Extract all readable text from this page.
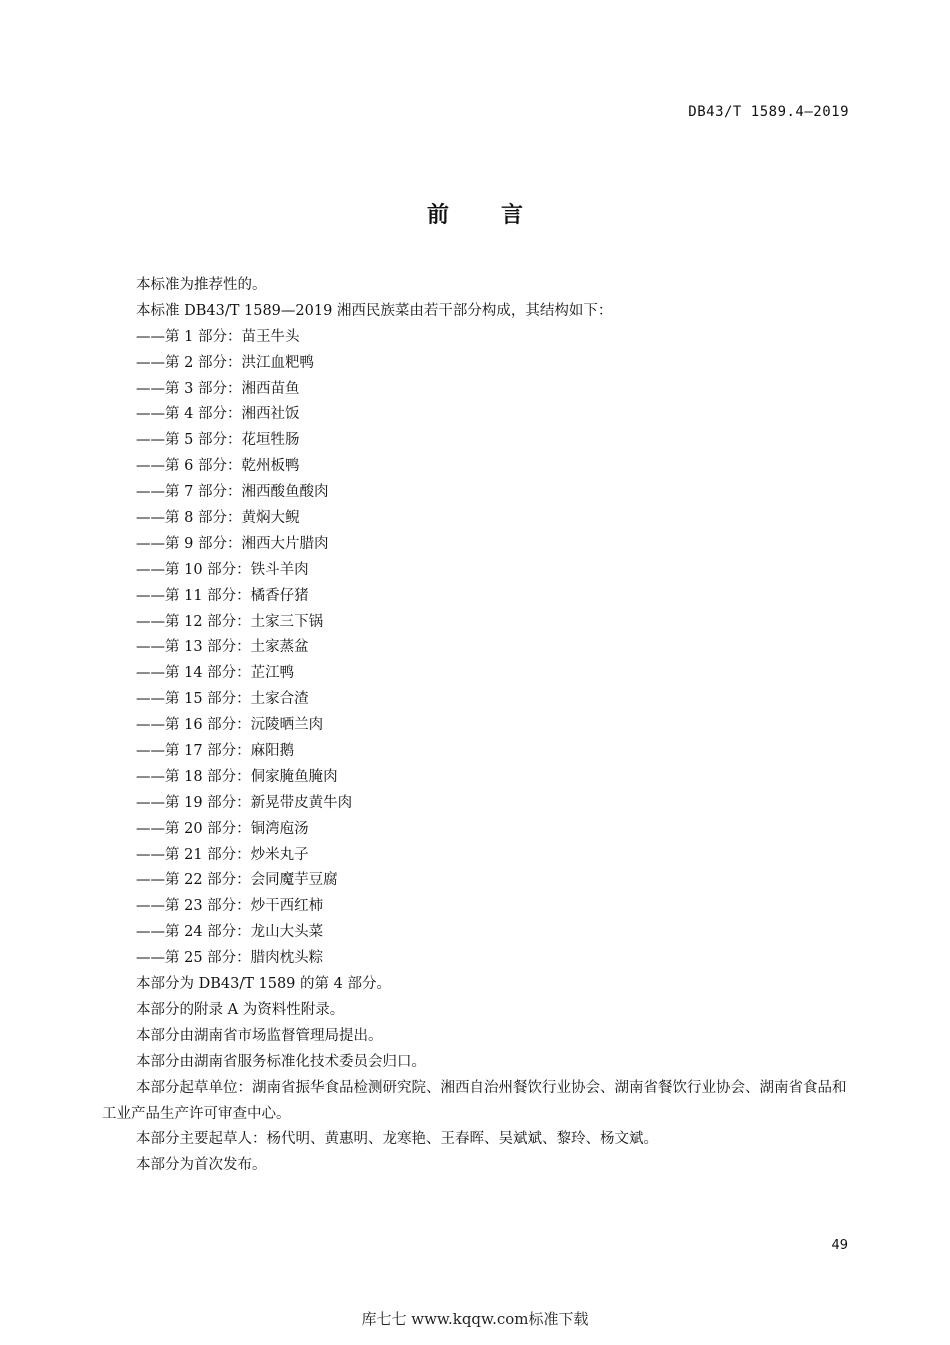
DB43/T 1589.4—2019
前 言
本标准为推荐性的。
本标准 DB43/T 1589—2019 湘西民族菜由若干部分构成，其结构如下：
——第 1 部分：苗王牛头
——第 2 部分：洪江血粑鸭
——第 3 部分：湘西苗鱼
——第 4 部分：湘西社饭
——第 5 部分：花垣牲肠
——第 6 部分：乾州板鸭
——第 7 部分：湘西酸鱼酸肉
——第 8 部分：黄焖大鲵
——第 9 部分：湘西大片腊肉
——第 10 部分：铁斗羊肉
——第 11 部分：橘香仔猪
——第 12 部分：土家三下锅
——第 13 部分：土家蒸盆
——第 14 部分：芷江鸭
——第 15 部分：土家合渣
——第 16 部分：沅陵晒兰肉
——第 17 部分：麻阳鹅
——第 18 部分：侗家腌鱼腌肉
——第 19 部分：新晃带皮黄牛肉
——第 20 部分：铜湾庖汤
——第 21 部分：炒米丸子
——第 22 部分：会同魔芋豆腐
——第 23 部分：炒干西红柿
——第 24 部分：龙山大头菜
——第 25 部分：腊肉枕头粽
本部分为 DB43/T 1589 的第 4 部分。
本部分的附录 A 为资料性附录。
本部分由湖南省市场监督管理局提出。
本部分由湖南省服务标准化技术委员会归口。
本部分起草单位：湖南省振华食品检测研究院、湘西自治州餐饮行业协会、湖南省餐饮行业协会、湖南省食品和工业产品生产许可审查中心。
本部分主要起草人：杨代明、黄惠明、龙寒艳、王春晖、吴斌斌、黎玲、杨文斌。
本部分为首次发布。
49
库七七 www.kqqw.com标准下载
